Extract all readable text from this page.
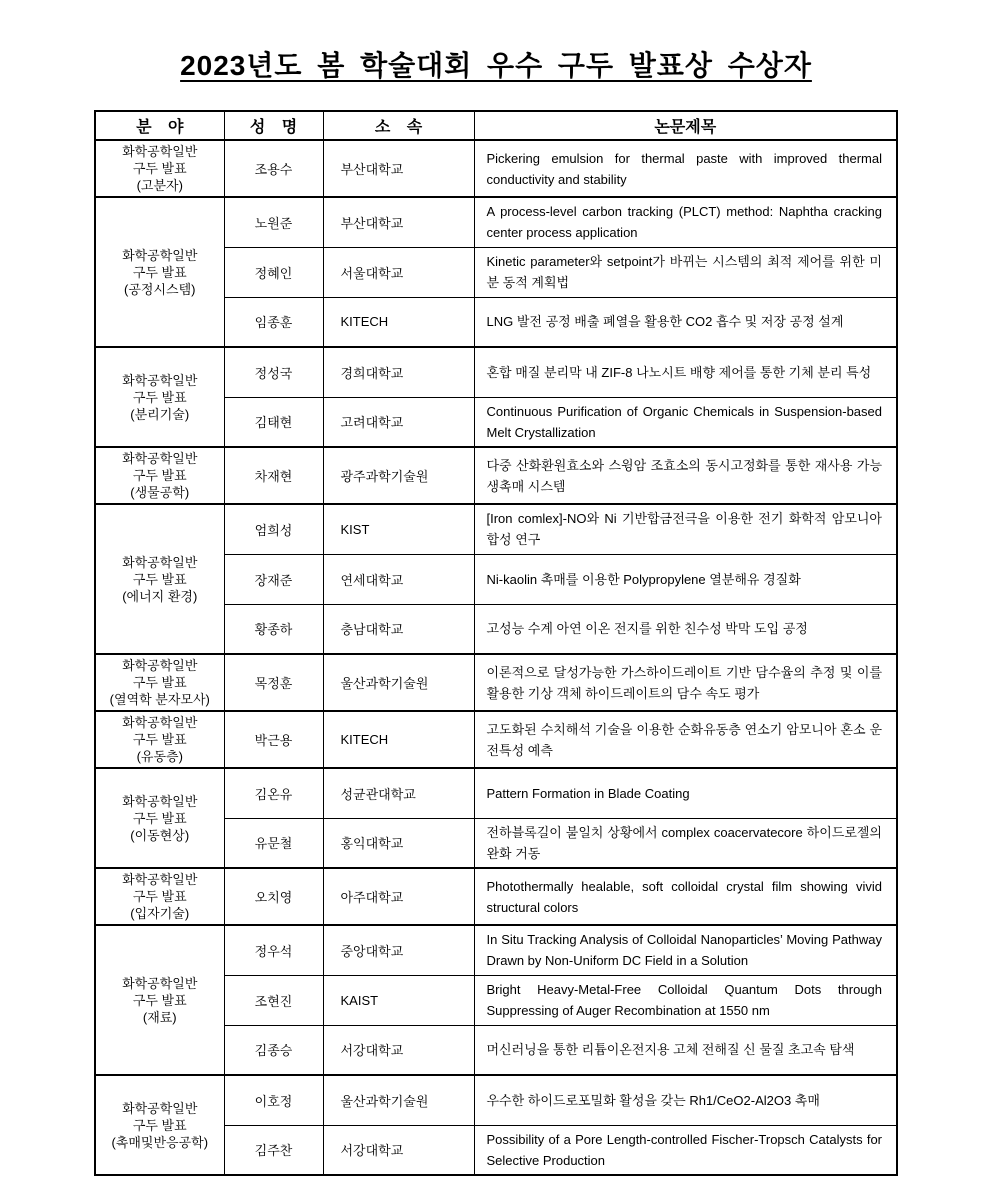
2023년도 봄 학술대회 우수 구두 발표상 수상자
분 야	성 명	소 속	논문제목

화학공학일반
구두 발표
(고분자)	조용수	부산대학교	Pickering emulsion for thermal paste with improved thermal conductivity and stability

화학공학일반
구두 발표
(공정시스템)	노원준	부산대학교	A process-level carbon tracking (PLCT) method: Naphtha cracking center process application
	정혜인	서울대학교	Kinetic parameter와 setpoint가 바뀌는 시스템의 최적 제어를 위한 미분 동적 계획법
	임종훈	KITECH	LNG 발전 공정 배출 폐열을 활용한 CO2 흡수 및 저장 공정 설계

화학공학일반
구두 발표
(분리기술)	정성국	경희대학교	혼합 매질 분리막 내 ZIF-8 나노시트 배향 제어를 통한 기체 분리 특성
	김태현	고려대학교	Continuous Purification of Organic Chemicals in Suspension-based Melt Crystallization

화학공학일반
구두 발표
(생물공학)	차재현	광주과학기술원	다중 산화환원효소와 스윙암 조효소의 동시고정화를 통한 재사용 가능 생촉매 시스템

화학공학일반
구두 발표
(에너지 환경)	엄희성	KIST	[Iron comlex]-NO와 Ni 기반합금전극을 이용한 전기 화학적 암모니아 합성 연구
	장재준	연세대학교	Ni-kaolin 촉매를 이용한 Polypropylene 열분해유 경질화
	황종하	충남대학교	고성능 수계 아연 이온 전지를 위한 친수성 박막 도입 공정

화학공학일반
구두 발표
(열역학 분자모사)	목정훈	울산과학기술원	이론적으로 달성가능한 가스하이드레이트 기반 담수율의 추정 및 이를 활용한 기상 객체 하이드레이트의 담수 속도 평가

화학공학일반
구두 발표
(유동층)	박근용	KITECH	고도화된 수치해석 기술을 이용한 순화유동층 연소기 암모니아 혼소 운전특성 예측

화학공학일반
구두 발표
(이동현상)	김온유	성균관대학교	Pattern Formation in Blade Coating
	유문철	홍익대학교	전하블록길이 불일치 상황에서 complex coacervatecore 하이드로젤의 완화 거동

화학공학일반
구두 발표
(입자기술)	오치영	아주대학교	Photothermally healable, soft colloidal crystal film showing vivid structural colors

화학공학일반
구두 발표
(재료)	정우석	중앙대학교	In Situ Tracking Analysis of Colloidal Nanoparticles’ Moving Pathway Drawn by Non-Uniform DC Field in a Solution
	조현진	KAIST	Bright Heavy-Metal-Free Colloidal Quantum Dots through Suppressing of Auger Recombination at 1550 nm
	김종승	서강대학교	머신러닝을 통한 리튬이온전지용 고체 전해질 신 물질 초고속 탐색

화학공학일반
구두 발표
(촉매및반응공학)	이호정	울산과학기술원	우수한 하이드로포밀화 활성을 갖는 Rh1/CeO2-Al2O3 촉매
	김주찬	서강대학교	Possibility of a Pore Length-controlled Fischer-Tropsch Catalysts for Selective Production
